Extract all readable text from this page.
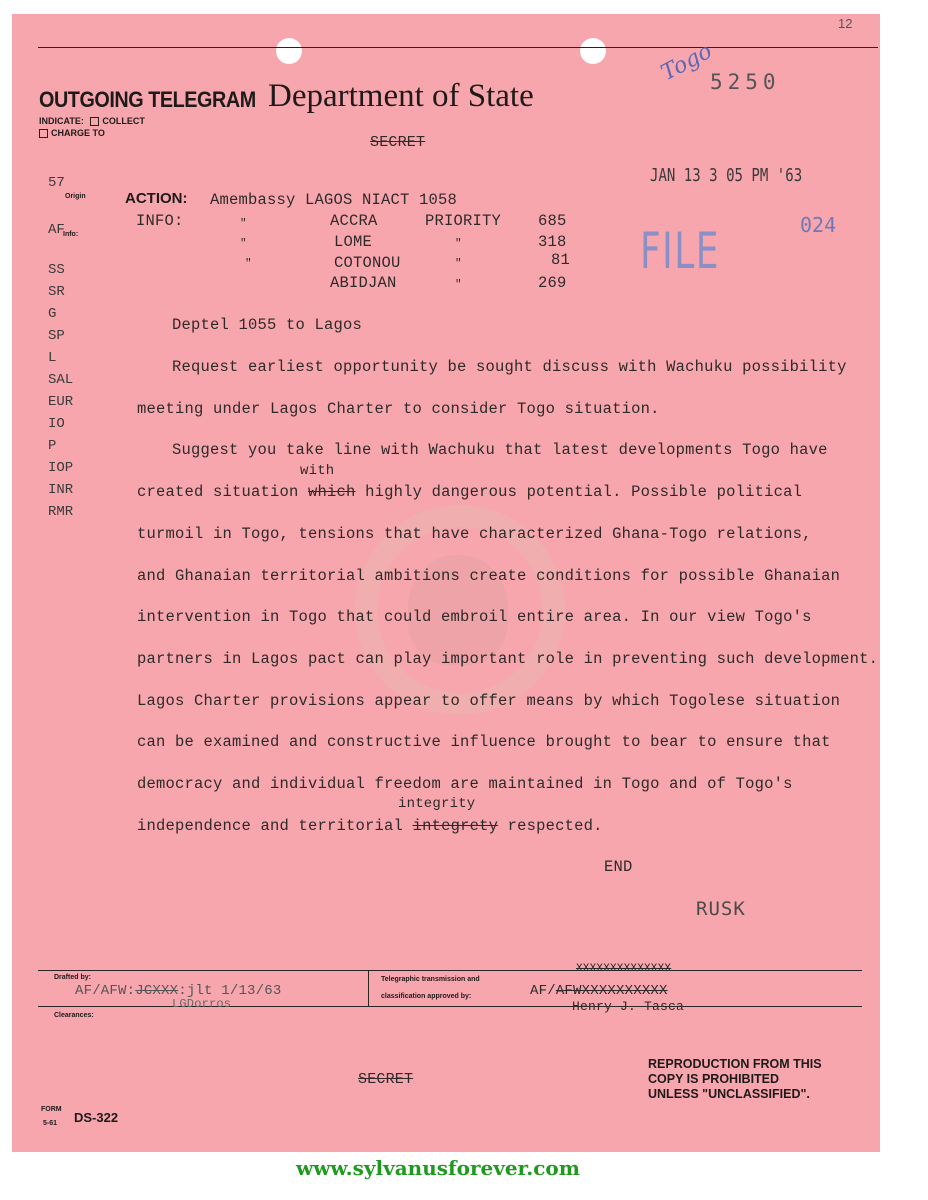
12
OUTGOING TELEGRAM Department of State
INDICATE: COLLECT
CHARGE TO
SECRET
Togo
5250
JAN 13 3 05 PM '63
FILE	024
57
Origin
AF
Info:
SS
SR
G
SP
L
SAL
EUR
IO
P
IOP
INR
RMR
ACTION: Amembassy LAGOS NIACT 1058
INFO:	"	ACCRA	PRIORITY 685
"	LOME	"	318
"	COTONOU	"	81
ABIDJAN	"	269
Deptel 1055 to Lagos
Request earliest opportunity be sought discuss with Wachuku possibility
meeting under Lagos Charter to consider Togo situation.
Suggest you take line with Wachuku that latest developments Togo have
with
created situation which highly dangerous potential. Possible political
turmoil in Togo, tensions that have characterized Ghana-Togo relations,
and Ghanaian territorial ambitions create conditions for possible Ghanaian
intervention in Togo that could embroil entire area. In our view Togo's
partners in Lagos pact can play important role in preventing such development.
Lagos Charter provisions appear to offer means by which Togolese situation
can be examined and constructive influence brought to bear to ensure that
democracy and individual freedom are maintained in Togo and of Togo's
integrity
independence and territorial integrety respected.
END
RUSK
Drafted by:
AF/AFW:JCXXX:jlt 1/13/63
LGDorros
Clearances:
Telegraphic transmission and
classification approved by:
XXXXXXXXXXXXXX
AF/AFWXXXXXXXXXX
Henry J. Tasca
SECRET
REPRODUCTION FROM THIS
COPY IS PROHIBITED
UNLESS "UNCLASSIFIED".
FORM
5-61 DS-322
www.sylvanusforever.com
